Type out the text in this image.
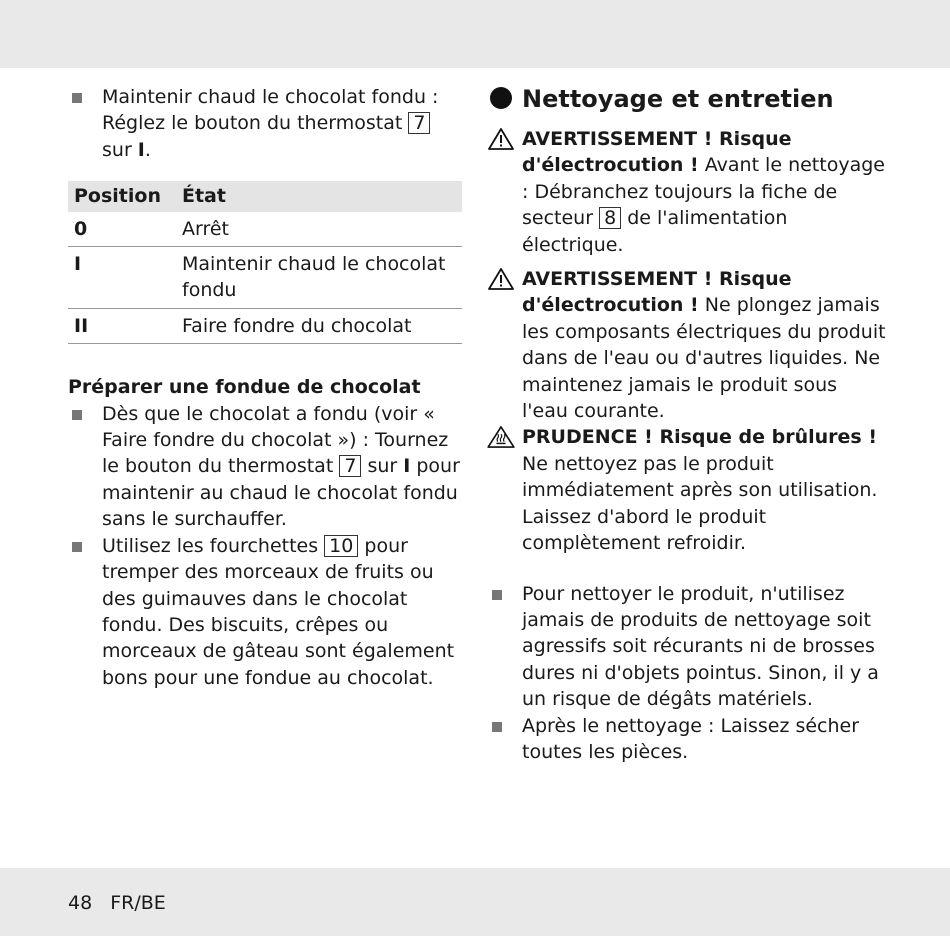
Maintenir chaud le chocolat fondu : Réglez le bouton du thermostat 7 sur I.

Position	État
0	Arrêt
I	Maintenir chaud le chocolat fondu
II	Faire fondre du chocolat
Préparer une fondue de chocolat

Dès que le chocolat a fondu (voir « Faire fondre du chocolat ») : Tournez le bouton du thermostat 7 sur I pour maintenir au chaud le chocolat fondu sans le surchauffer.

Utilisez les fourchettes 10 pour tremper des morceaux de fruits ou des guimauves dans le chocolat fondu. Des biscuits, crêpes ou morceaux de gâteau sont également bons pour une fondue au chocolat.

Nettoyage et entretien

AVERTISSEMENT ! Risque d'électrocution ! Avant le nettoyage : Débranchez toujours la fiche de secteur 8 de l'alimentation électrique.

AVERTISSEMENT ! Risque d'électrocution ! Ne plongez jamais les composants électriques du produit dans de l'eau ou d'autres liquides. Ne maintenez jamais le produit sous l'eau courante.

PRUDENCE ! Risque de brûlures !
Ne nettoyez pas le produit immédiatement après son utilisation. Laissez d'abord le produit complètement refroidir.

Pour nettoyer le produit, n'utilisez jamais de produits de nettoyage soit agressifs soit récurants ni de brosses dures ni d'objets pointus. Sinon, il y a un risque de dégâts matériels.

Après le nettoyage : Laissez sécher toutes les pièces.

48 FR/BE
